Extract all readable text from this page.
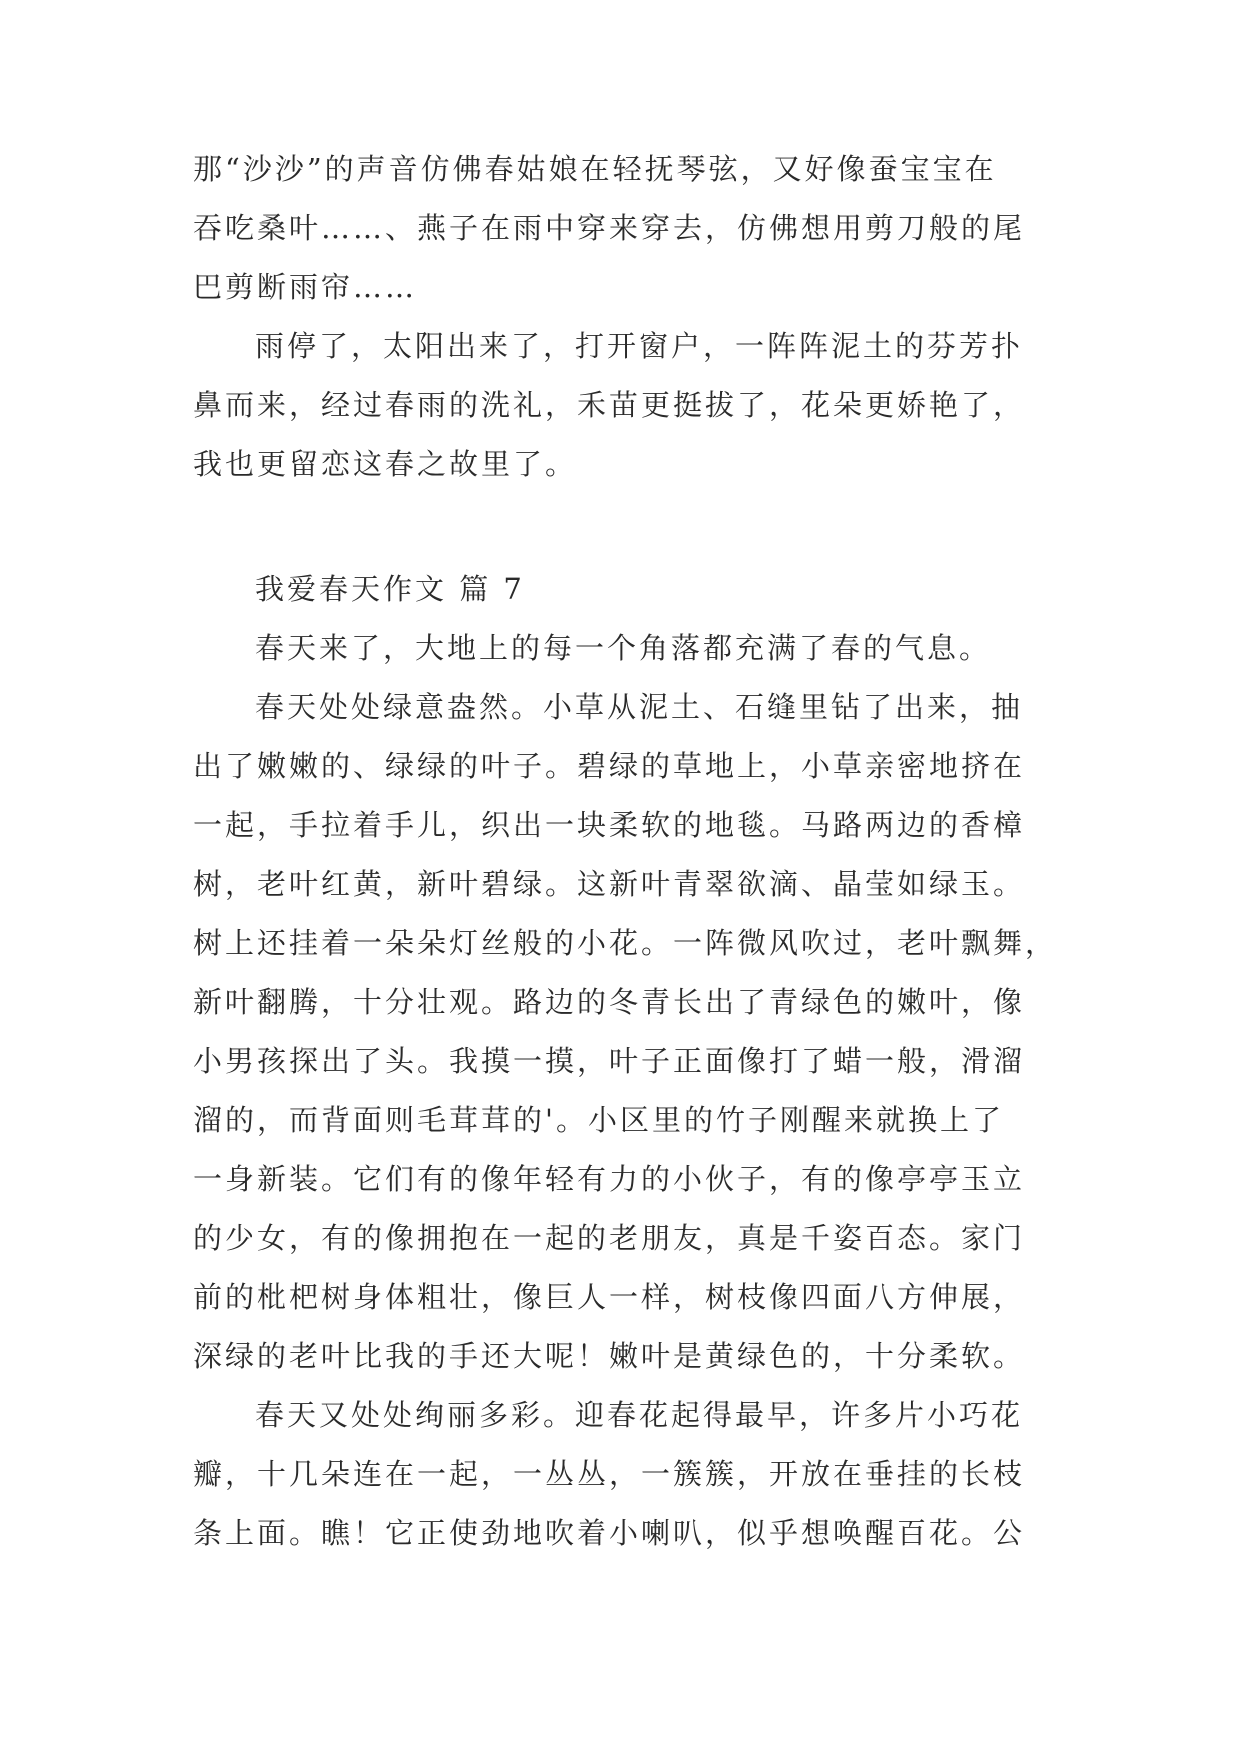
那“沙沙”的声音仿佛春姑娘在轻抚琴弦，又好像蚕宝宝在
吞吃桑叶……、燕子在雨中穿来穿去，仿佛想用剪刀般的尾
巴剪断雨帘……
雨停了，太阳出来了，打开窗户，一阵阵泥土的芬芳扑
鼻而来，经过春雨的洗礼，禾苗更挺拔了，花朵更娇艳了，
我也更留恋这春之故里了。
我爱春天作文 篇 7
春天来了，大地上的每一个角落都充满了春的气息。
春天处处绿意盎然。小草从泥土、石缝里钻了出来，抽
出了嫩嫩的、绿绿的叶子。碧绿的草地上，小草亲密地挤在
一起，手拉着手儿，织出一块柔软的地毯。马路两边的香樟
树，老叶红黄，新叶碧绿。这新叶青翠欲滴、晶莹如绿玉。
树上还挂着一朵朵灯丝般的小花。一阵微风吹过，老叶飘舞，
新叶翻腾，十分壮观。路边的冬青长出了青绿色的嫩叶，像
小男孩探出了头。我摸一摸，叶子正面像打了蜡一般，滑溜
溜的，而背面则毛茸茸的'。小区里的竹子刚醒来就换上了
一身新装。它们有的像年轻有力的小伙子，有的像亭亭玉立
的少女，有的像拥抱在一起的老朋友，真是千姿百态。家门
前的枇杷树身体粗壮，像巨人一样，树枝像四面八方伸展，
深绿的老叶比我的手还大呢！嫩叶是黄绿色的，十分柔软。
春天又处处绚丽多彩。迎春花起得最早，许多片小巧花
瓣，十几朵连在一起，一丛丛，一簇簇，开放在垂挂的长枝
条上面。瞧！它正使劲地吹着小喇叭，似乎想唤醒百花。公
